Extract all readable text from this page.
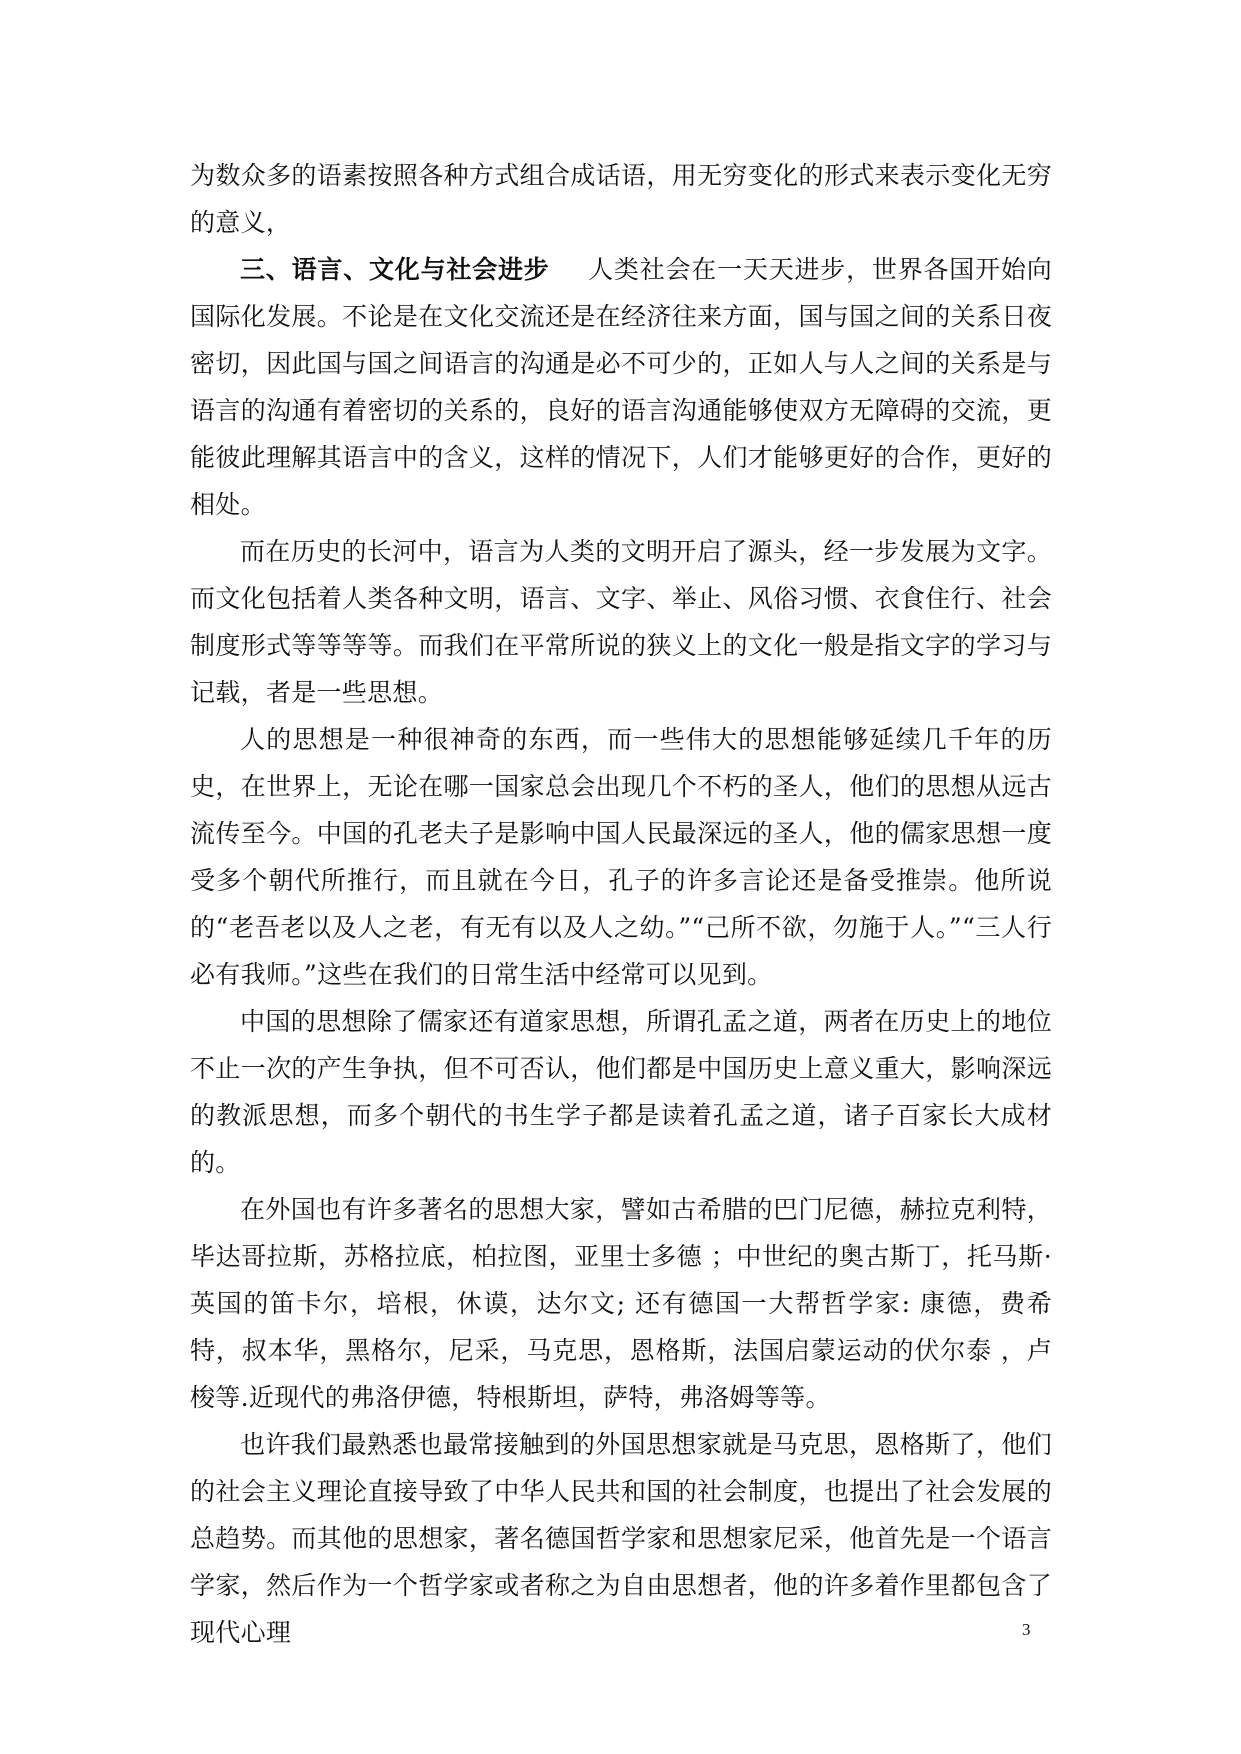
为数众多的语素按照各种方式组合成话语，用无穷变化的形式来表示变化无穷的意义，

三、语言、文化与社会进步 人类社会在一天天进步，世界各国开始向国际化发展。不论是在文化交流还是在经济往来方面，国与国之间的关系日夜密切，因此国与国之间语言的沟通是必不可少的，正如人与人之间的关系是与语言的沟通有着密切的关系的，良好的语言沟通能够使双方无障碍的交流，更能彼此理解其语言中的含义，这样的情况下，人们才能够更好的合作，更好的相处。

而在历史的长河中，语言为人类的文明开启了源头，经一步发展为文字。而文化包括着人类各种文明，语言、文字、举止、风俗习惯、衣食住行、社会制度形式等等等等。而我们在平常所说的狭义上的文化一般是指文字的学习与记载，者是一些思想。

人的思想是一种很神奇的东西，而一些伟大的思想能够延续几千年的历史，在世界上，无论在哪一国家总会出现几个不朽的圣人，他们的思想从远古流传至今。中国的孔老夫子是影响中国人民最深远的圣人，他的儒家思想一度受多个朝代所推行，而且就在今日，孔子的许多言论还是备受推崇。他所说的“老吾老以及人之老，有无有以及人之幼。”“己所不欲，勿施于人。”“三人行必有我师。”这些在我们的日常生活中经常可以见到。

中国的思想除了儒家还有道家思想，所谓孔孟之道，两者在历史上的地位不止一次的产生争执，但不可否认，他们都是中国历史上意义重大，影响深远的教派思想，而多个朝代的书生学子都是读着孔孟之道，诸子百家长大成材的。

在外国也有许多著名的思想大家，譬如古希腊的巴门尼德，赫拉克利特，毕达哥拉斯，苏格拉底，柏拉图，亚里士多德 ；中世纪的奥古斯丁，托马斯·英国的笛卡尔，培根，休谟，达尔文; 还有德国一大帮哲学家: 康德，费希特，叔本华，黑格尔，尼采，马克思，恩格斯，法国启蒙运动的伏尔泰 ，卢梭等.近现代的弗洛伊德，特根斯坦，萨特，弗洛姆等等。

也许我们最熟悉也最常接触到的外国思想家就是马克思，恩格斯了，他们的社会主义理论直接导致了中华人民共和国的社会制度，也提出了社会发展的总趋势。而其他的思想家，著名德国哲学家和思想家尼采，他首先是一个语言学家，然后作为一个哲学家或者称之为自由思想者，他的许多着作里都包含了现代心理	3
